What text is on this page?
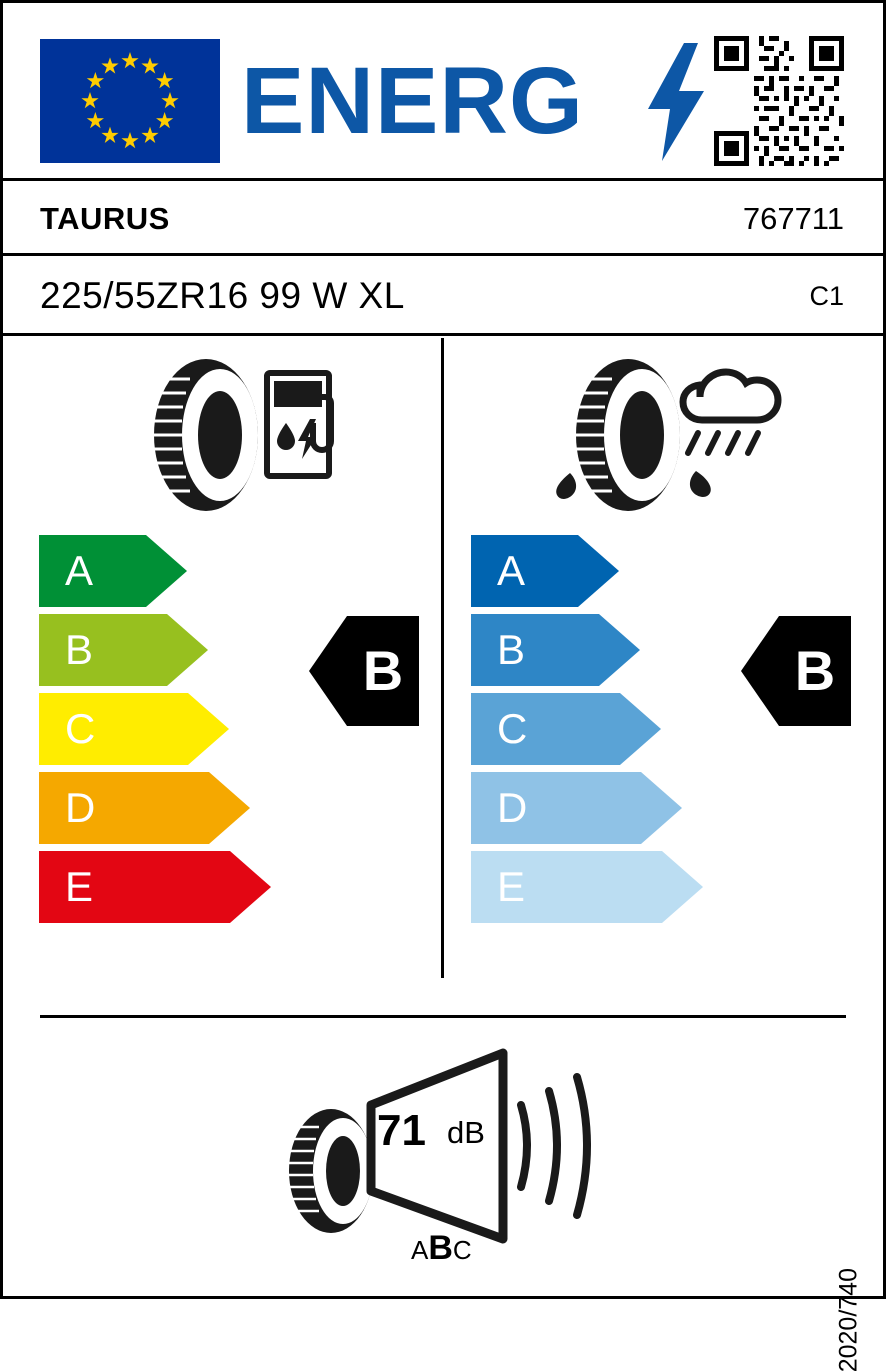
ENERG
TAURUS	767711
225/55ZR16 99 W XL	C1
A
B
C
D
E
B
A
B
C
D
E
B
71 dB
ABC
2020/740
